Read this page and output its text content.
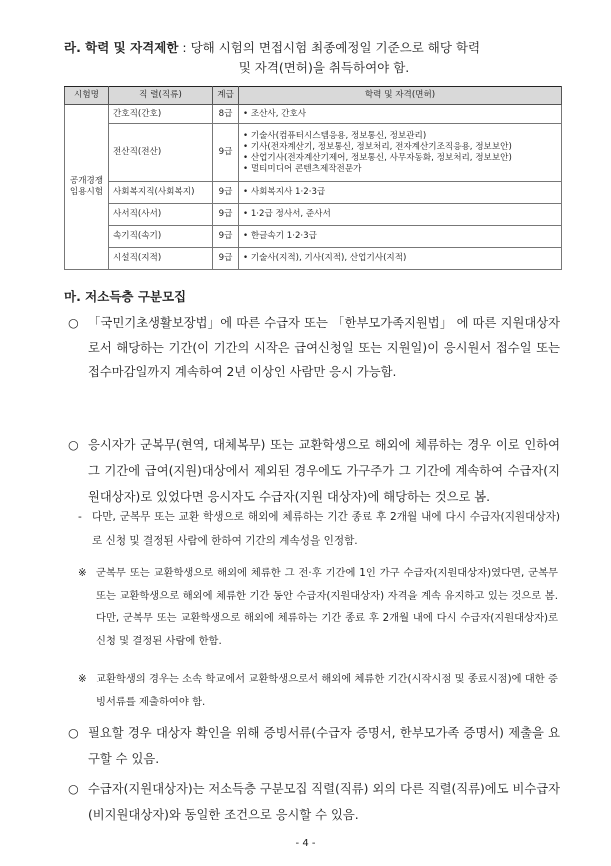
라. 학력 및 자격제한 : 당해 시험의 면접시험 최종예정일 기준으로 해당 학력
및 자격(면허)을 취득하여야 함.
시험명	직 렬(직류)	계급	학력 및 자격(면허)
공개경쟁 임용시험	간호직(간호)	8급	• 조산사, 간호사

	전산직(전산)	9급	• 기술사(컴퓨터시스템응용, 정보통신, 정보관리)
• 기사(전자계산기, 정보통신, 정보처리, 전자계산기조직응용, 정보보안)
• 산업기사(전자계산기제어, 정보통신, 사무자동화, 정보처리, 정보보안)
• 멀티미디어 콘텐츠제작전문가

	사회복지직(사회복지)	9급	• 사회복지사 1·2·3급

	사서직(사서)	9급	• 1·2급 정사서, 준사서

	속기직(속기)	9급	• 한글속기 1·2·3급

	시설직(지적)	9급	• 기술사(지적), 기사(지적), 산업기사(지적)
마. 저소득층 구분모집

○ 「국민기초생활보장법」에 따른 수급자 또는 「한부모가족지원법」 에 따른 지원대상자로서 해당하는 기간(이 기간의 시작은 급여신청일 또는 지원일)이 응시원서 접수일 또는 접수마감일까지 계속하여 2년 이상인 사람만 응시 가능함.

○ 응시자가 군복무(현역, 대체복무) 또는 교환학생으로 해외에 체류하는 경우 이로 인하여 그 기간에 급여(지원)대상에서 제외된 경우에도 가구주가 그 기간에 계속하여 수급자(지원대상자)로 있었다면 응시자도 수급자(지원 대상자)에 해당하는 것으로 봄.

- 다만, 군복무 또는 교환 학생으로 해외에 체류하는 기간 종료 후 2개월 내에 다시 수급자(지원대상자)로 신청 및 결정된 사람에 한하여 기간의 계속성을 인정함.

※ 군복무 또는 교환학생으로 해외에 체류한 그 전·후 기간에 1인 가구 수급자(지원대상자)였다면, 군복무 또는 교환학생으로 해외에 체류한 기간 동안 수급자(지원대상자) 자격을 계속 유지하고 있는 것으로 봄. 다만, 군복무 또는 교환학생으로 해외에 체류하는 기간 종료 후 2개월 내에 다시 수급자(지원대상자)로 신청 및 결정된 사람에 한함.

※ 교환학생의 경우는 소속 학교에서 교환학생으로서 해외에 체류한 기간(시작시점 및 종료시점)에 대한 증빙서류를 제출하여야 함.

○ 필요할 경우 대상자 확인을 위해 증빙서류(수급자 증명서, 한부모가족 증명서) 제출을 요구할 수 있음.

○ 수급자(지원대상자)는 저소득층 구분모집 직렬(직류) 외의 다른 직렬(직류)에도 비수급자(비지원대상자)와 동일한 조건으로 응시할 수 있음.

- 4 -
